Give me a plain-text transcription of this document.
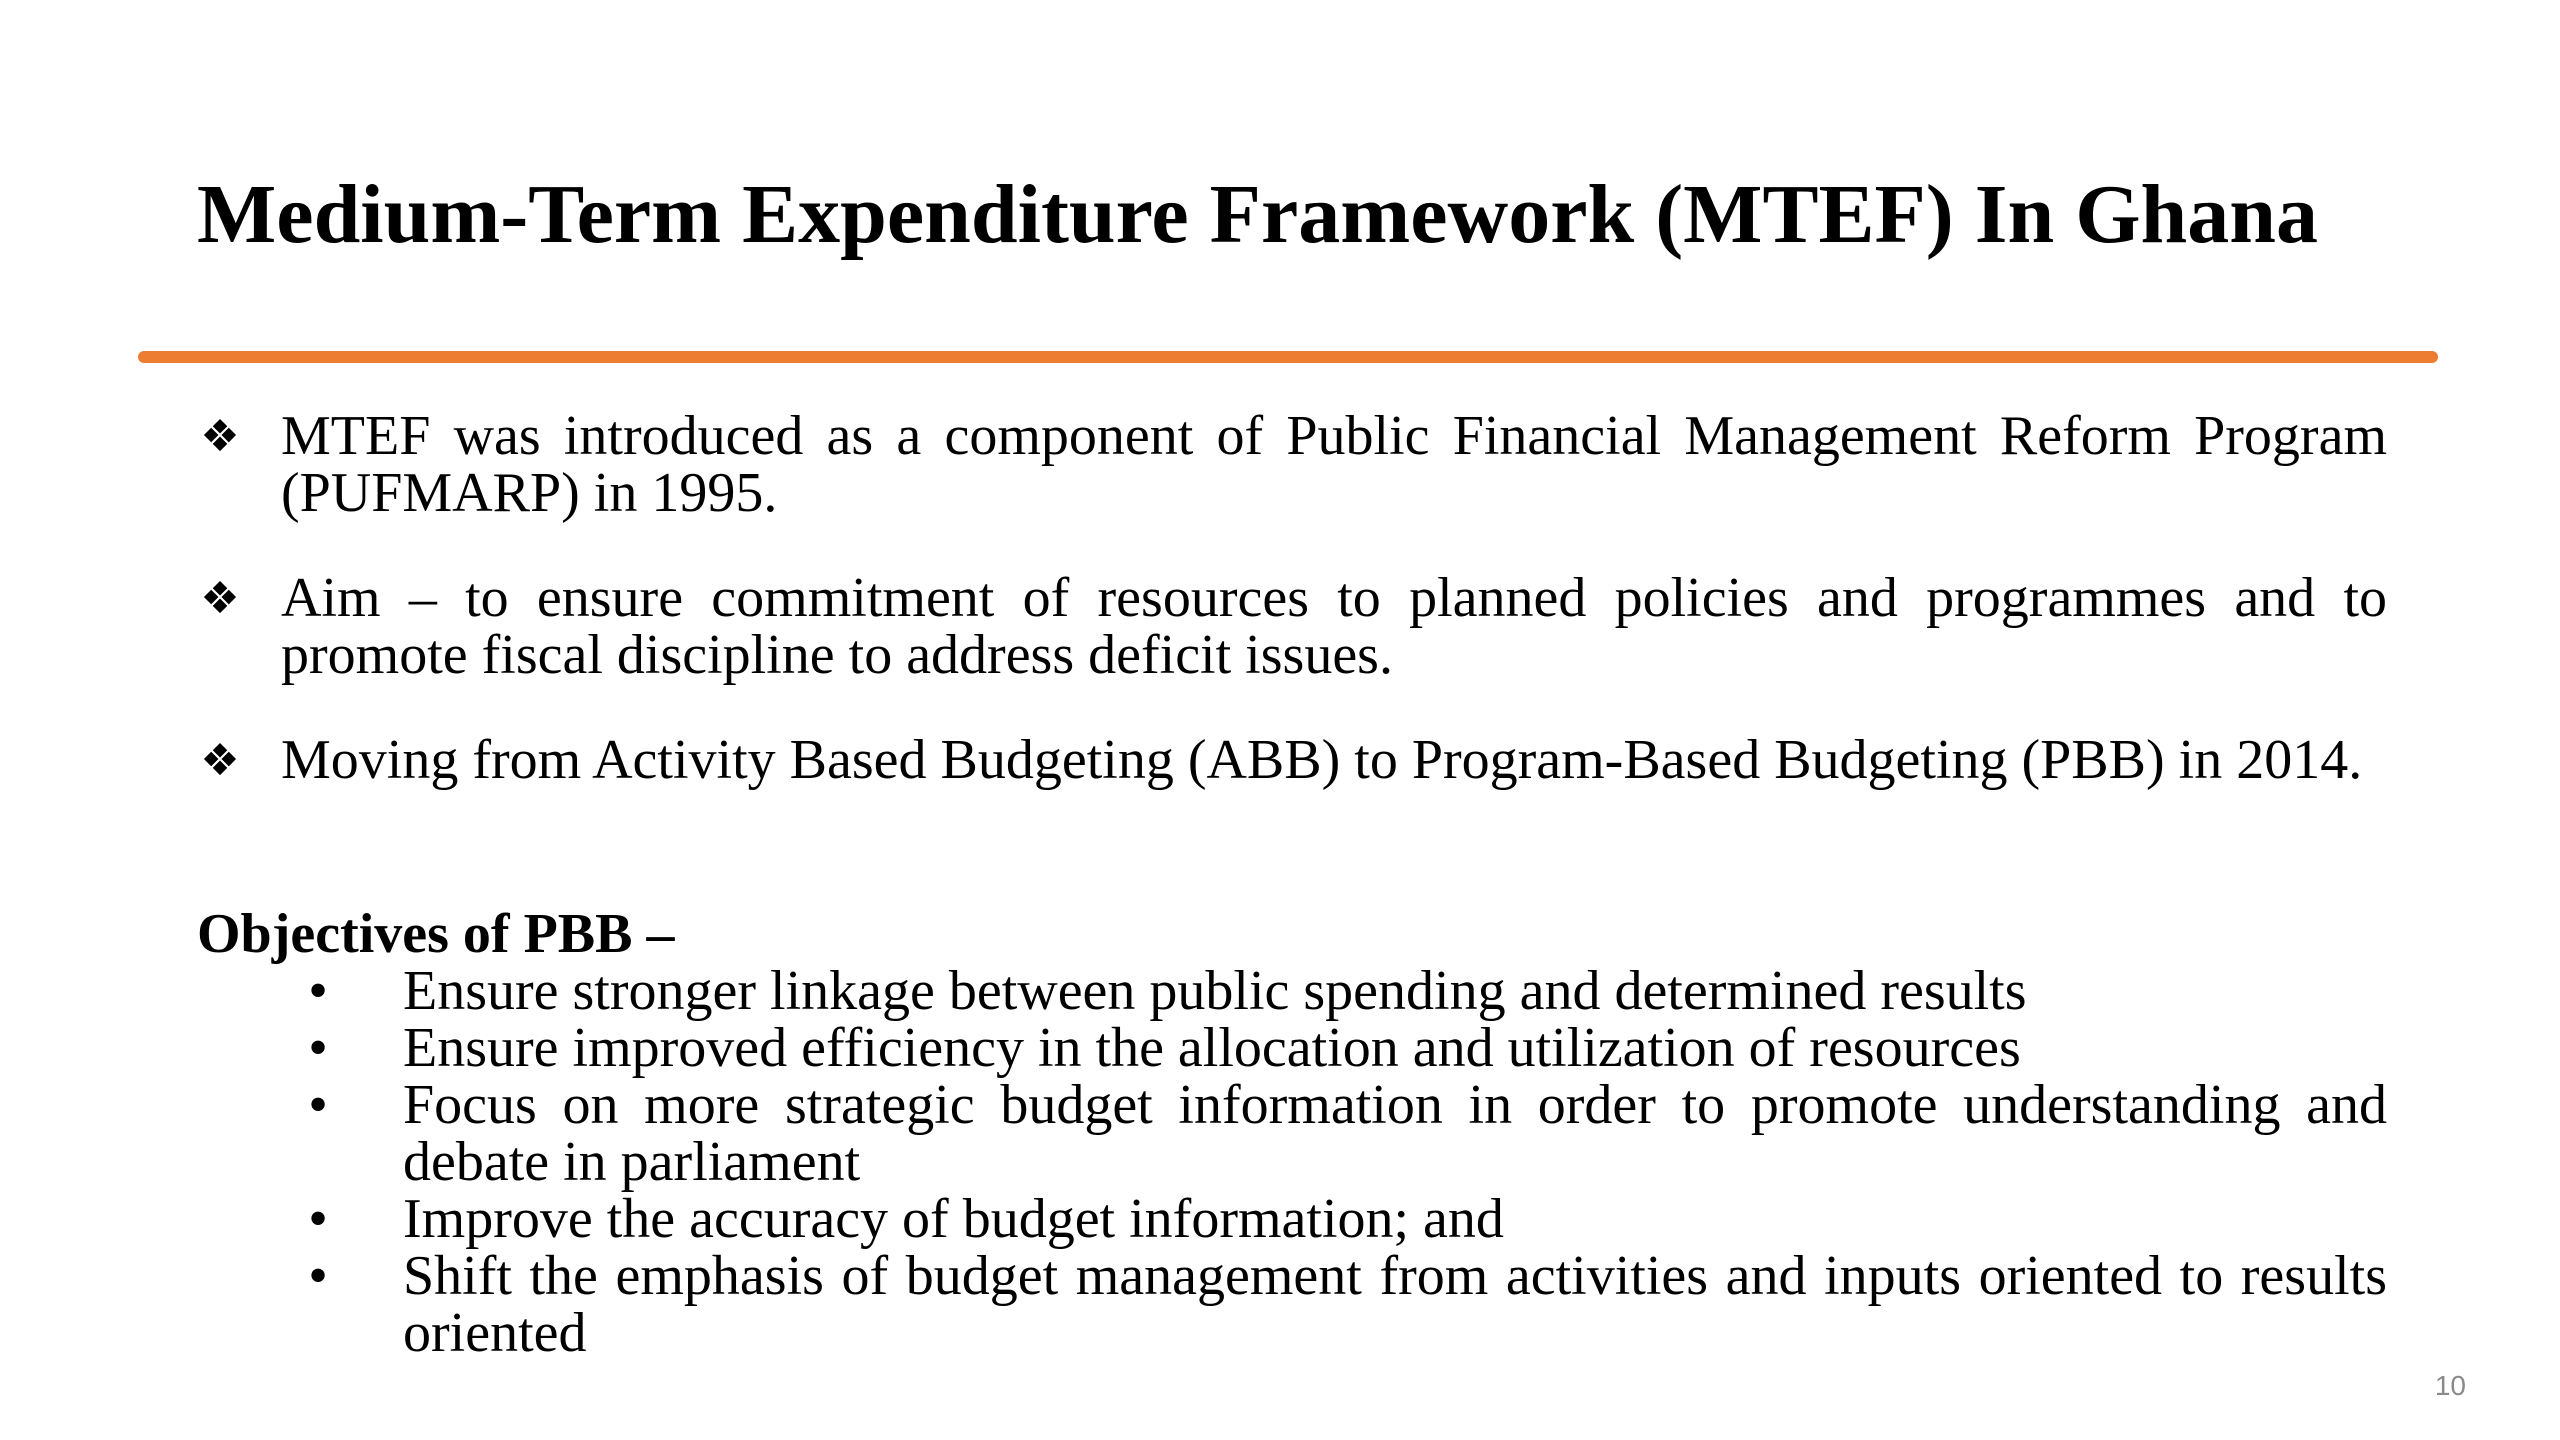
Medium-Term Expenditure Framework (MTEF) In Ghana
❖ MTEF was introduced as a component of Public Financial Management Reform Program (PUFMARP) in 1995.
❖ Aim – to ensure commitment of resources to planned policies and programmes and to promote fiscal discipline to address deficit issues.
❖ Moving from Activity Based Budgeting (ABB) to Program-Based Budgeting (PBB) in 2014.

Objectives of PBB –

• Ensure stronger linkage between public spending and determined results
• Ensure improved efficiency in the allocation and utilization of resources
• Focus on more strategic budget information in order to promote understanding and debate in parliament
• Improve the accuracy of budget information; and
• Shift the emphasis of budget management from activities and inputs oriented to results oriented
10
